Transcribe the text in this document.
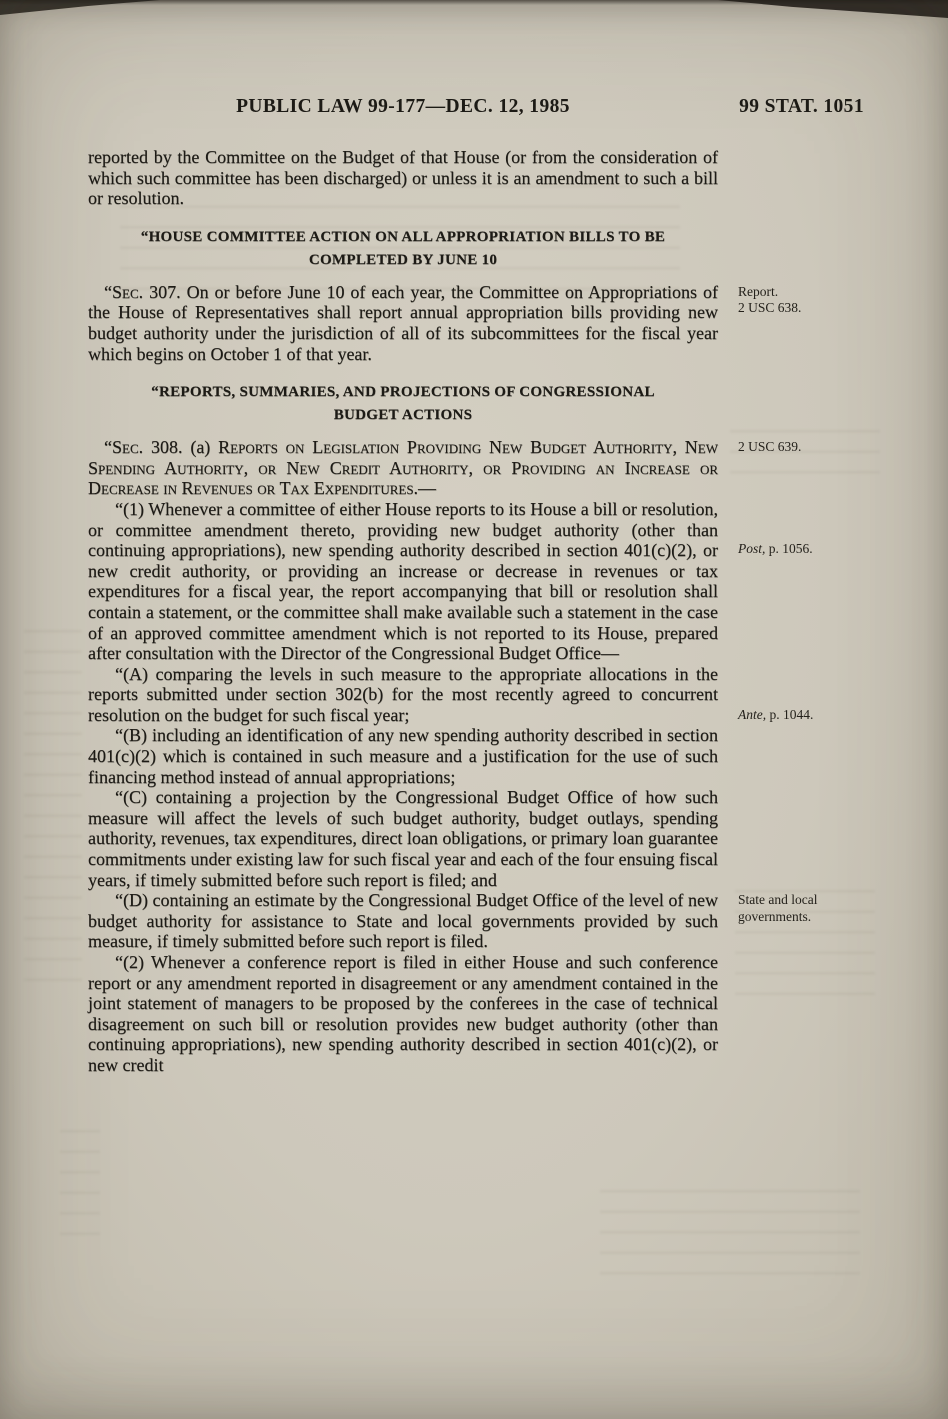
PUBLIC LAW 99-177—DEC. 12, 1985	99 STAT. 1051

reported by the Committee on the Budget of that House (or from the consideration of which such committee has been discharged) or unless it is an amendment to such a bill or resolution.

“HOUSE COMMITTEE ACTION ON ALL APPROPRIATION BILLS TO BE COMPLETED BY JUNE 10

“Sec. 307. On or before June 10 of each year, the Committee on Appropriations of the House of Representatives shall report annual appropriation bills providing new budget authority under the jurisdiction of all of its subcommittees for the fiscal year which begins on October 1 of that year.
Report.
2 USC 638.

“REPORTS, SUMMARIES, AND PROJECTIONS OF CONGRESSIONAL BUDGET ACTIONS

“Sec. 308. (a) Reports on Legislation Providing New Budget Authority, New Spending Authority, or New Credit Authority, or Providing an Increase or Decrease in Revenues or Tax Expenditures.—
2 USC 639.

“(1) Whenever a committee of either House reports to its House a bill or resolution, or committee amendment thereto, providing new budget authority (other than continuing appropriations), new spending authority described in section 401(c)(2), or new credit authority, or providing an increase or decrease in revenues or tax expenditures for a fiscal year, the report accompanying that bill or resolution shall contain a statement, or the committee shall make available such a statement in the case of an approved committee amendment which is not reported to its House, prepared after consultation with the Director of the Congressional Budget Office—
Post, p. 1056.

“(A) comparing the levels in such measure to the appropriate allocations in the reports submitted under section 302(b) for the most recently agreed to concurrent resolution on the budget for such fiscal year;	Ante, p. 1044.

“(B) including an identification of any new spending authority described in section 401(c)(2) which is contained in such measure and a justification for the use of such financing method instead of annual appropriations;

“(C) containing a projection by the Congressional Budget Office of how such measure will affect the levels of such budget authority, budget outlays, spending authority, revenues, tax expenditures, direct loan obligations, or primary loan guarantee commitments under existing law for such fiscal year and each of the four ensuing fiscal years, if timely submitted before such report is filed; and

“(D) containing an estimate by the Congressional Budget Office of the level of new budget authority for assistance to State and local governments provided by such measure, if timely submitted before such report is filed.
State and local
governments.

“(2) Whenever a conference report is filed in either House and such conference report or any amendment reported in disagreement or any amendment contained in the joint statement of managers to be proposed by the conferees in the case of technical disagreement on such bill or resolution provides new budget authority (other than continuing appropriations), new spending authority described in section 401(c)(2), or new credit
